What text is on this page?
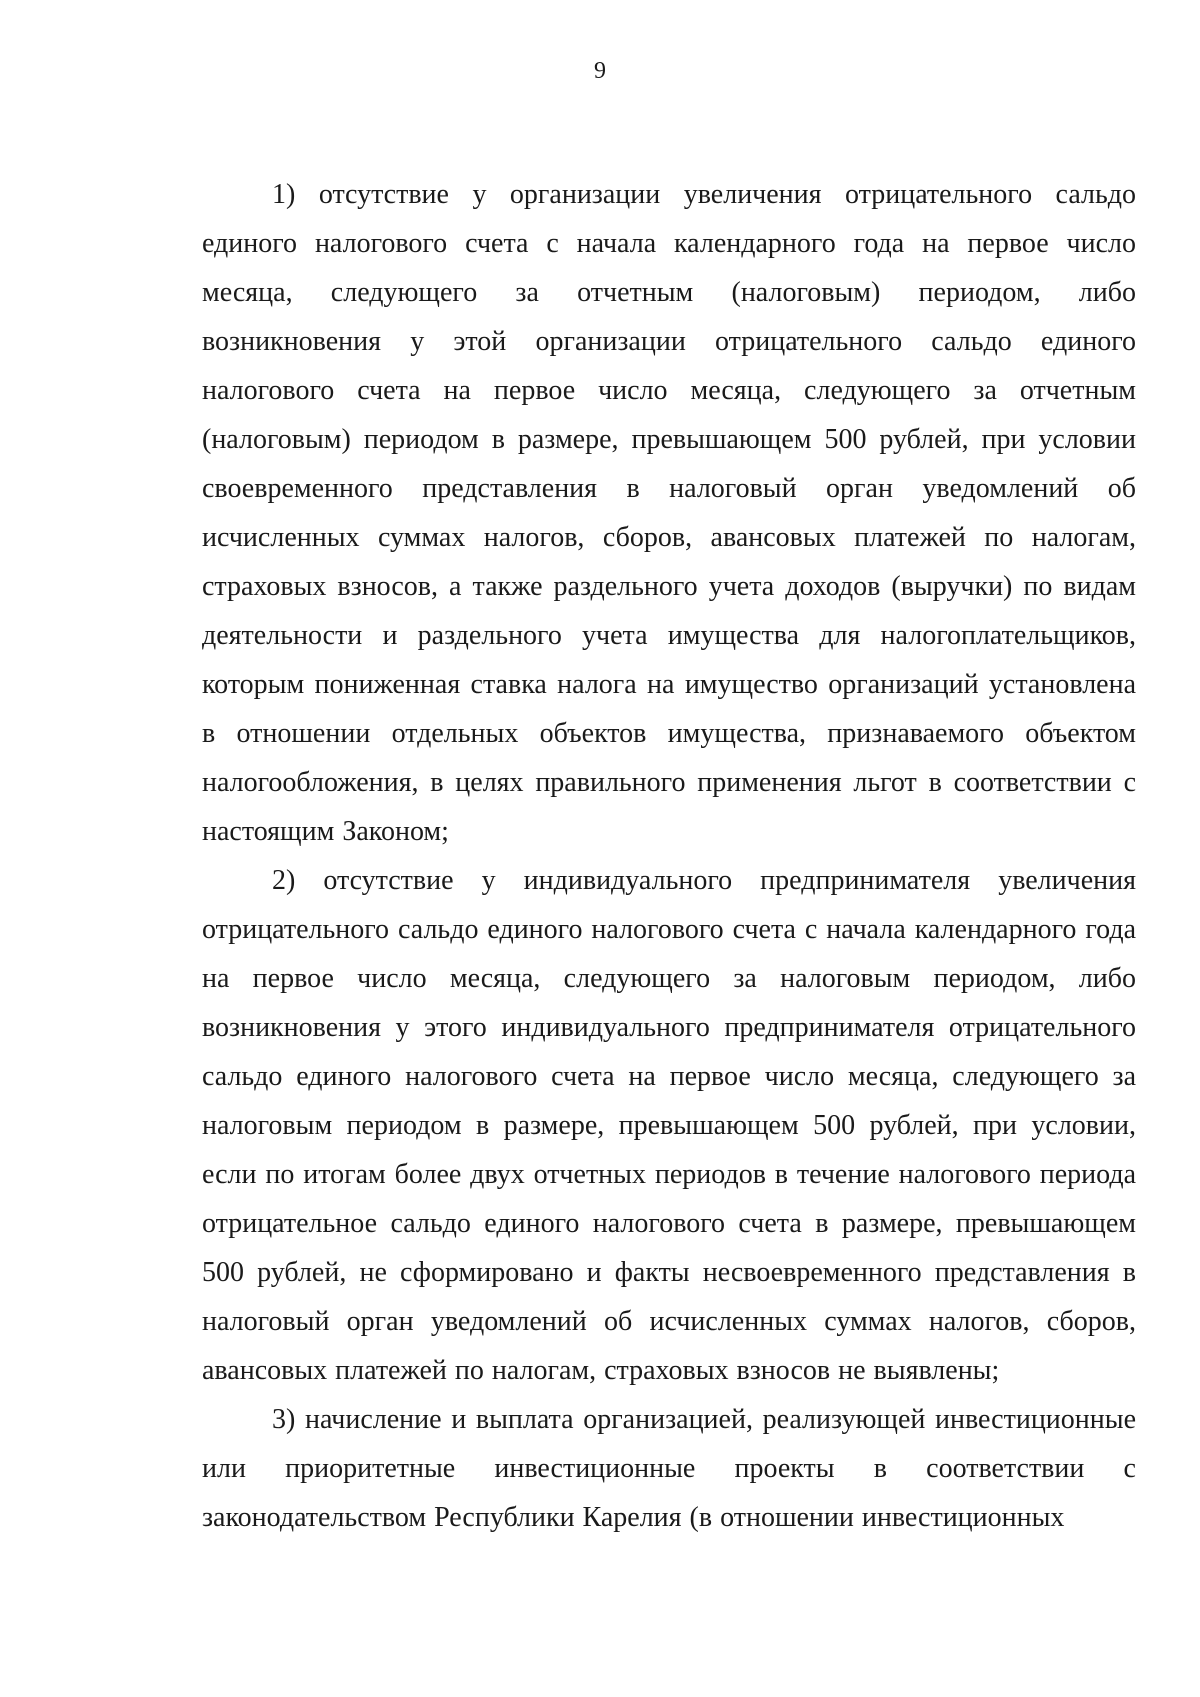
9

1) отсутствие у организации увеличения отрицательного сальдо единого налогового счета с начала календарного года на первое число месяца, следующего за отчетным (налоговым) периодом, либо возникновения у этой организации отрицательного сальдо единого налогового счета на первое число месяца, следующего за отчетным (налоговым) периодом в размере, превышающем 500 рублей, при условии своевременного представления в налоговый орган уведомлений об исчисленных суммах налогов, сборов, авансовых платежей по налогам, страховых взносов, а также раздельного учета доходов (выручки) по видам деятельности и раздельного учета имущества для налогоплательщиков, которым пониженная ставка налога на имущество организаций установлена в отношении отдельных объектов имущества, признаваемого объектом налогообложения, в целях правильного применения льгот в соответствии с настоящим Законом;

2) отсутствие у индивидуального предпринимателя увеличения отрицательного сальдо единого налогового счета с начала календарного года на первое число месяца, следующего за налоговым периодом, либо возникновения у этого индивидуального предпринимателя отрицательного сальдо единого налогового счета на первое число месяца, следующего за налоговым периодом в размере, превышающем 500 рублей, при условии, если по итогам более двух отчетных периодов в течение налогового периода отрицательное сальдо единого налогового счета в размере, превышающем 500 рублей, не сформировано и факты несвоевременного представления в налоговый орган уведомлений об исчисленных суммах налогов, сборов, авансовых платежей по налогам, страховых взносов не выявлены;

3) начисление и выплата организацией, реализующей инвестиционные или приоритетные инвестиционные проекты в соответствии с законодательством Республики Карелия (в отношении инвестиционных
